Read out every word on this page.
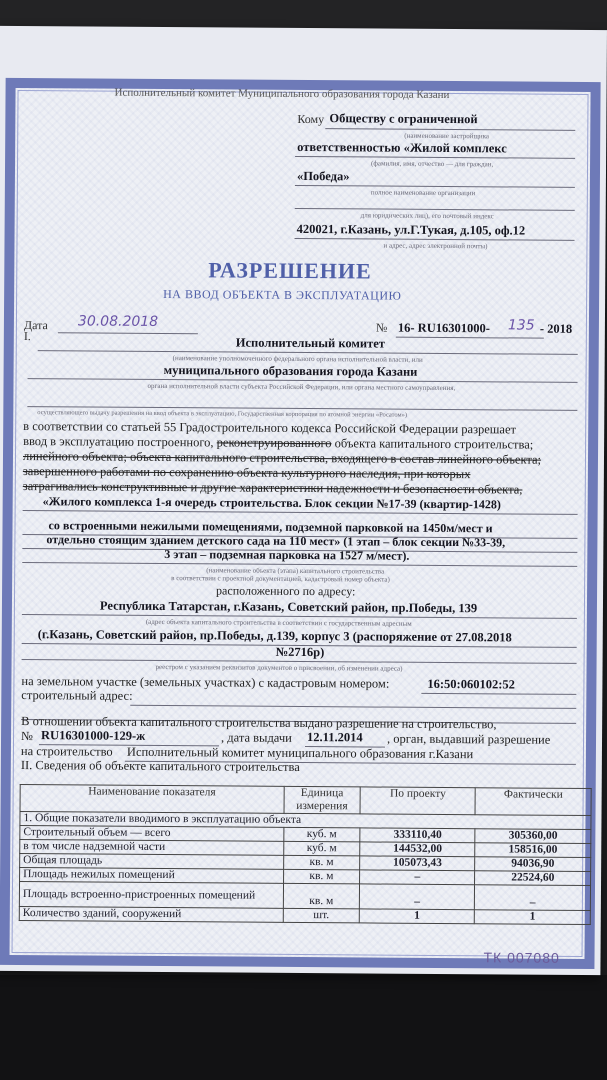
Исполнительный комитет Муниципального образования города Казани
Кому Обществу с ограниченной
(наименование застройщика
ответственностью «Жилой комплекс
(фамилия, имя, отчество — для граждан,
«Победа»
полное наименование организации
для юридических лиц), его почтовый индекс
420021, г.Казань, ул.Г.Тукая, д.105, оф.12
и адрес, адрес электронной почты)
РАЗРЕШЕНИЕ
НА ВВОД ОБЪЕКТА В ЭКСПЛУАТАЦИЮ
Дата 30.08.2018
I.
№ 16- RU16301000- 135 - 2018
Исполнительный комитет
(наименование уполномоченного федерального органа исполнительной власти, или
муниципального образования города Казани
органа исполнительной власти субъекта Российской Федерации, или органа местного самоуправления,
осуществляющего выдачу разрешения на ввод объекта в эксплуатацию, Государственная корпорация по атомной энергии «Росатом»)
в соответствии со статьей 55 Градостроительного кодекса Российской Федерации разрешает
ввод в эксплуатацию построенного, реконструированного объекта капитального строительства;
линейного объекта; объекта капитального строительства, входящего в состав линейного объекта;
завершенного работами по сохранению объекта культурного наследия, при которых
затрагивались конструктивные и другие характеристики надежности и безопасности объекта,
«Жилого комплекса 1-я очередь строительства. Блок секции №17-39 (квартир-1428)
со встроенными нежилыми помещениями, подземной парковкой на 1450м/мест и
отдельно стоящим зданием детского сада на 110 мест» (1 этап – блок секции №33-39,
3 этап – подземная парковка на 1527 м/мест).
(наименование объекта (этапа) капитального строительства
в соответствии с проектной документацией, кадастровый номер объекта)
расположенного по адресу:
Республика Татарстан, г.Казань, Советский район, пр.Победы, 139
(адрес объекта капитального строительства в соответствии с государственным адресным
(г.Казань, Советский район, пр.Победы, д.139, корпус 3 (распоряжение от 27.08.2018
№2716р)
реестром с указанием реквизитов документов о присвоении, об изменении адреса)
на земельном участке (земельных участках) с кадастровым номером:	16:50:060102:52
строительный адрес:
В отношении объекта капитального строительства выдано разрешение на строительство,
№ RU16301000-129-ж	, дата выдачи 12.11.2014 , орган, выдавший разрешение
на строительство Исполнительный комитет муниципального образования г.Казани
II. Сведения об объекте капитального строительства
Наименование показателя	Единица измерения	По проекту	Фактически
1. Общие показатели вводимого в эксплуатацию объекта			
Строительный объем — всего	куб. м	333110,40	305360,00
в том числе надземной части	куб. м	144532,00	158516,00
Общая площадь	кв. м	105073,43	94036,90
Площадь нежилых помещений	кв. м	–	22524,60
Площадь встроенно-пристроенных помещений	кв. м	–	–
Количество зданий, сооружений	шт.	1	1
ТК 007080
